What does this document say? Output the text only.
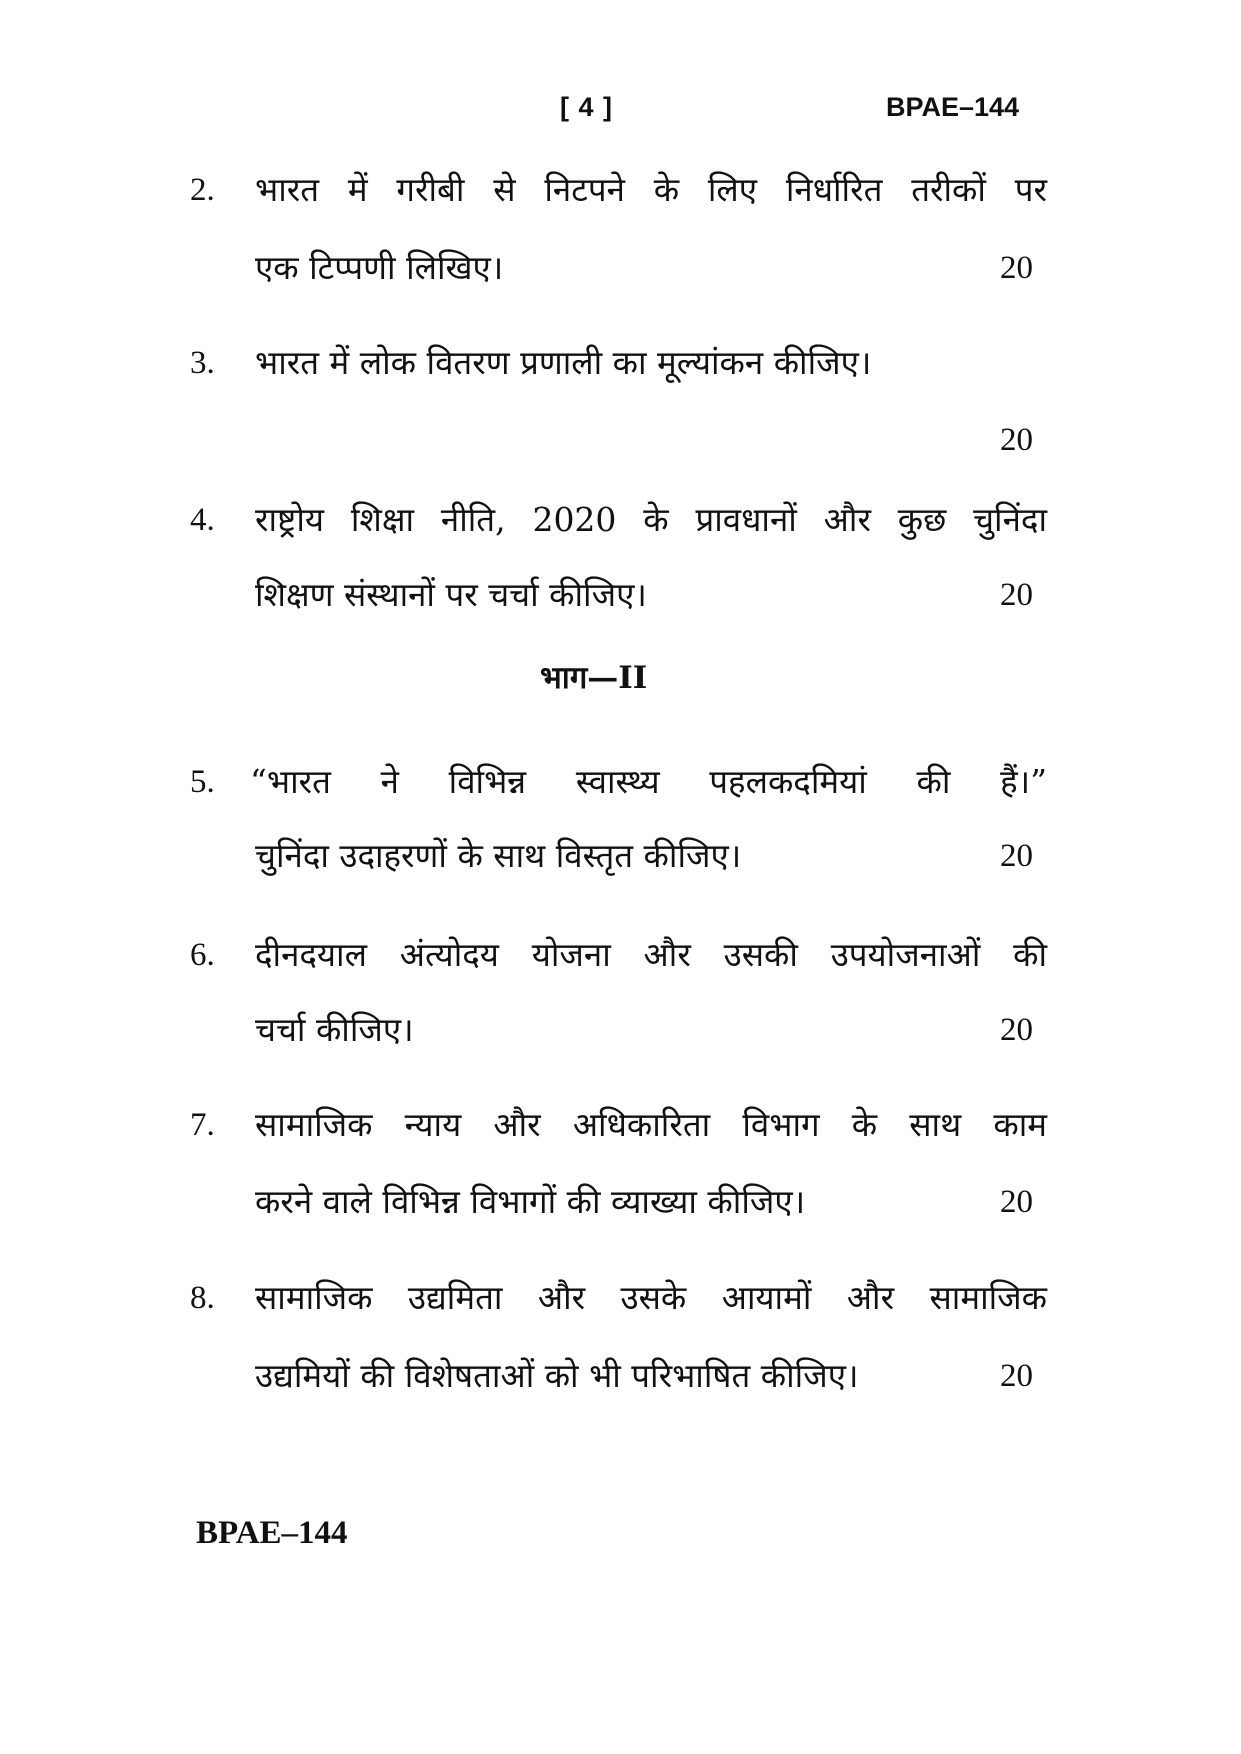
[ 4 ]	BPAE–144
2. भारत में गरीबी से निटपने के लिए निर्धारित तरीकों पर
एक टिप्पणी लिखिए।	20
3. भारत में लोक वितरण प्रणाली का मूल्यांकन कीजिए।
20
4. राष्ट्रोय शिक्षा नीति, 2020 के प्रावधानों और कुछ चुनिंदा
शिक्षण संस्थानों पर चर्चा कीजिए।	20
भाग—II
5. “भारत ने विभिन्न स्वास्थ्य पहलकदमियां की हैं।”
चुनिंदा उदाहरणों के साथ विस्तृत कीजिए।	20
6. दीनदयाल अंत्योदय योजना और उसकी उपयोजनाओं की
चर्चा कीजिए।	20
7. सामाजिक न्याय और अधिकारिता विभाग के साथ काम
करने वाले विभिन्न विभागों की व्याख्या कीजिए।	20
8. सामाजिक उद्यमिता और उसके आयामों और सामाजिक
उद्यमियों की विशेषताओं को भी परिभाषित कीजिए।	20
BPAE–144
